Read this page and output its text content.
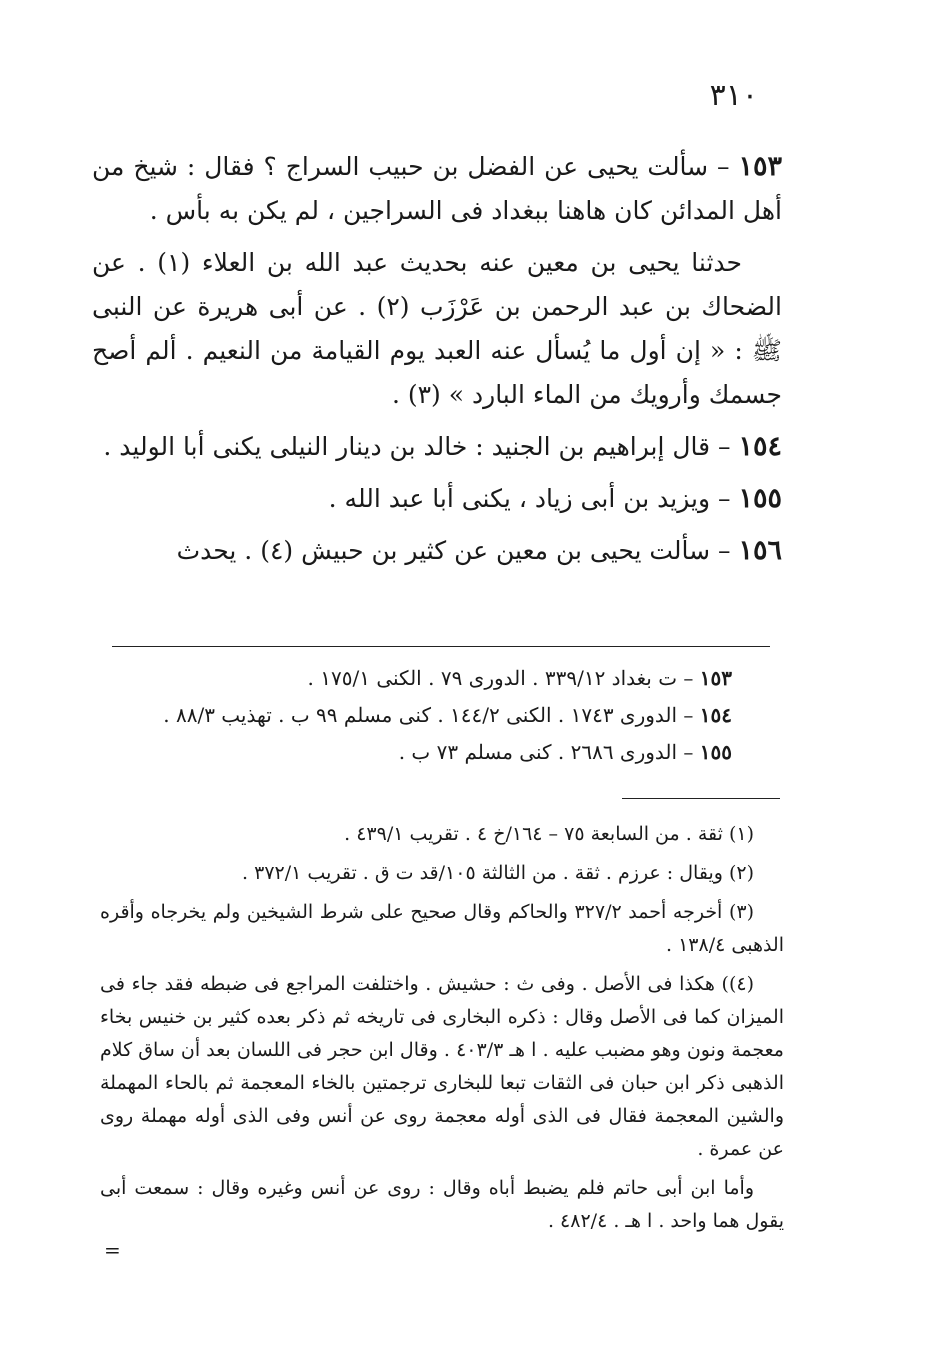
٣١٠

١٥٣ – سألت يحيى عن الفضل بن حبيب السراج ؟ فقال : شيخ من أهل المدائن كان هاهنا ببغداد فى السراجين ، لم يكن به بأس .

حدثنا يحيى بن معين عنه بحديث عبد الله بن العلاء (١) . عن الضحاك بن عبد الرحمن بن عَرْزَب (٢) . عن أبى هريرة عن النبى ﷺ : « إن أول ما يُسأل عنه العبد يوم القيامة من النعيم . ألم أصح جسمك وأرويك من الماء البارد » (٣) .

١٥٤ – قال إبراهيم بن الجنيد : خالد بن دينار النيلى يكنى أبا الوليد .

١٥٥ – ويزيد بن أبى زياد ، يكنى أبا عبد الله .

١٥٦ – سألت يحيى بن معين عن كثير بن حبيش (٤) . يحدث

١٥٣ – ت بغداد ٣٣٩/١٢ . الدورى ٧٩ . الكنى ١٧٥/١ .

١٥٤ – الدورى ١٧٤٣ . الكنى ١٤٤/٢ . كنى مسلم ٩٩ ب . تهذيب ٨٨/٣ .

١٥٥ – الدورى ٢٦٨٦ . كنى مسلم ٧٣ ب .

(١) ثقة . من السابعة ٧٥ – ١٦٤/خ ٤ . تقريب ٤٣٩/١ .

(٢) ويقال : عرزم . ثقة . من الثالثة ١٠٥/قد ت ق . تقريب ٣٧٢/١ .

(٣) أخرجه أحمد ٣٢٧/٢ والحاكم وقال صحيح على شرط الشيخين ولم يخرجاه وأقره الذهبى ١٣٨/٤ .

(٤)) هكذا فى الأصل . وفى ث : حشيش . واختلفت المراجع فى ضبطه فقد جاء فى الميزان كما فى الأصل وقال : ذكره البخارى فى تاريخه ثم ذكر بعده كثير بن خنيس بخاء معجمة ونون وهو مضبب عليه . ا هـ ٤٠٣/٣ . وقال ابن حجر فى اللسان بعد أن ساق كلام الذهبى ذكر ابن حبان فى الثقات تبعا للبخارى ترجمتين بالخاء المعجمة ثم بالحاء المهملة والشين المعجمة فقال فى الذى أوله معجمة روى عن أنس وفى الذى أوله مهملة روى عن عمرة .

وأما ابن أبى حاتم فلم يضبط أباه وقال : روى عن أنس وغيره وقال : سمعت أبى يقول هما واحد . ا هـ . ٤٨٢/٤ .

=
